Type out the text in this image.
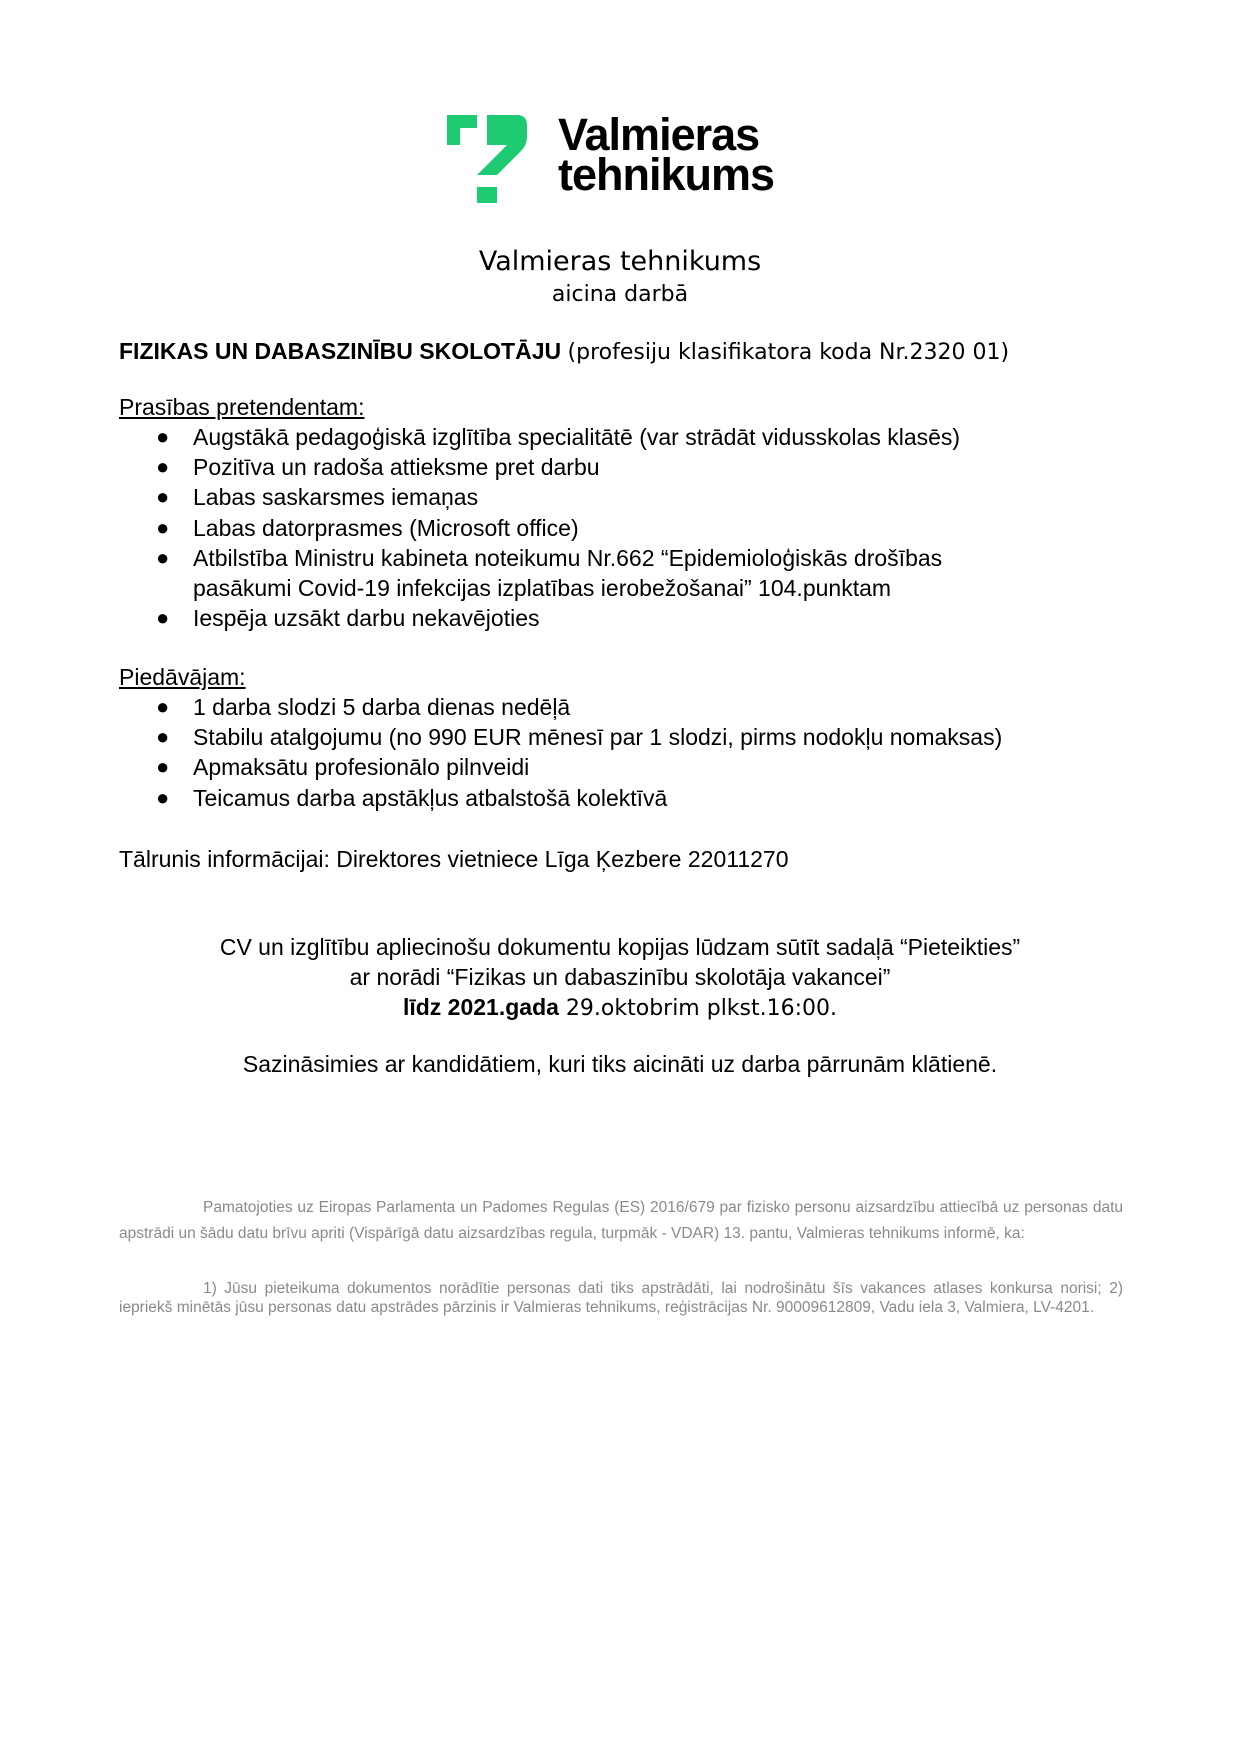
Valmieras
tehnikums
Valmieras tehnikums
aicina darbā
FIZIKAS UN DABASZINĪBU SKOLOTĀJU (profesiju klasifikatora koda Nr.2320 01)
Prasības pretendentam:
● Augstākā pedagoģiskā izglītība specialitātē (var strādāt vidusskolas klasēs)
● Pozitīva un radoša attieksme pret darbu
● Labas saskarsmes iemaņas
● Labas datorprasmes (Microsoft office)
● Atbilstība Ministru kabineta noteikumu Nr.662 “Epidemioloģiskās drošības
pasākumi Covid-19 infekcijas izplatības ierobežošanai” 104.punktam
● Iespēja uzsākt darbu nekavējoties
Piedāvājam:
● 1 darba slodzi 5 darba dienas nedēļā
● Stabilu atalgojumu (no 990 EUR mēnesī par 1 slodzi, pirms nodokļu nomaksas)
● Apmaksātu profesionālo pilnveidi
● Teicamus darba apstākļus atbalstošā kolektīvā
Tālrunis informācijai: Direktores vietniece Līga Ķezbere 22011270
CV un izglītību apliecinošu dokumentu kopijas lūdzam sūtīt sadaļā “Pieteikties”
ar norādi “Fizikas un dabaszinību skolotāja vakancei”
līdz 2021.gada 29.oktobrim plkst.16:00.
Sazināsimies ar kandidātiem, kuri tiks aicināti uz darba pārrunām klātienē.
Pamatojoties uz Eiropas Parlamenta un Padomes Regulas (ES) 2016/679 par fizisko personu aizsardzību attiecībā uz personas datu apstrādi un šādu datu brīvu apriti (Vispārīgā datu aizsardzības regula, turpmāk - VDAR) 13. pantu, Valmieras tehnikums informē, ka:
1) Jūsu pieteikuma dokumentos norādītie personas dati tiks apstrādāti, lai nodrošinātu šīs vakances atlases konkursa norisi; 2) iepriekš minētās jūsu personas datu apstrādes pārzinis ir Valmieras tehnikums, reģistrācijas Nr. 90009612809, Vadu iela 3, Valmiera, LV-4201.
